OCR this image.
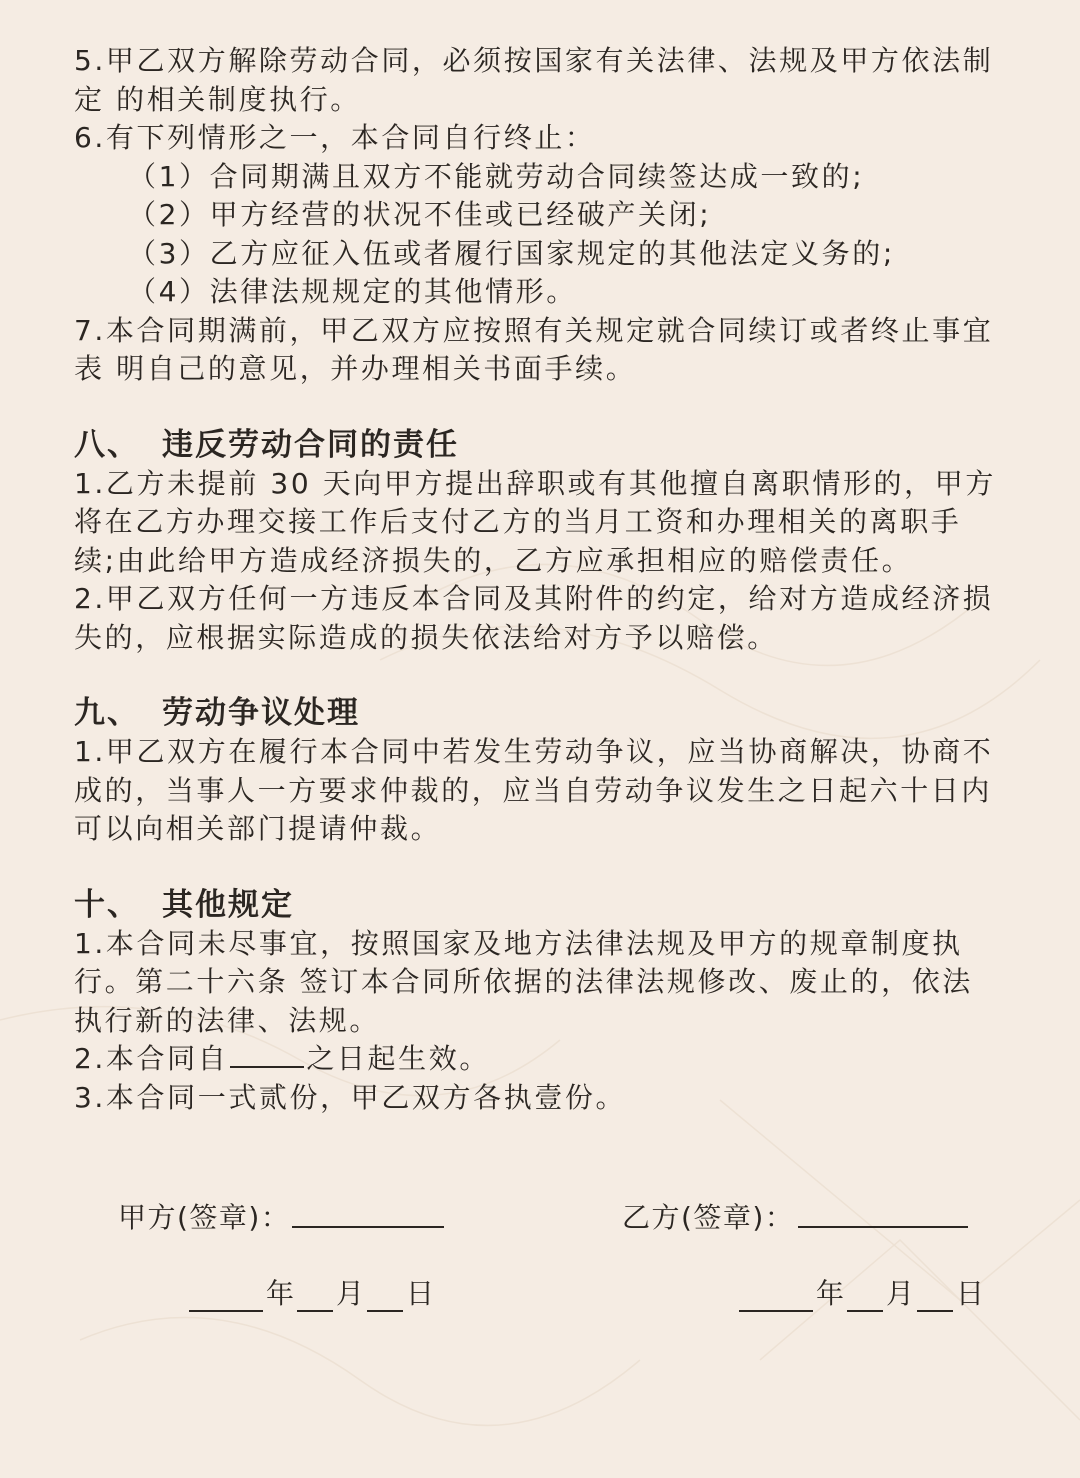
5.甲乙双方解除劳动合同，必须按国家有关法律、法规及甲方依法制

定 的相关制度执行。

6.有下列情形之一，本合同自行终止：

（1）合同期满且双方不能就劳动合同续签达成一致的;

（2）甲方经营的状况不佳或已经破产关闭;

（3）乙方应征入伍或者履行国家规定的其他法定义务的;

（4）法律法规规定的其他情形。

7.本合同期满前，甲乙双方应按照有关规定就合同续订或者终止事宜

表 明自己的意见，并办理相关书面手续。

八、 违反劳动合同的责任

1.乙方未提前 30 天向甲方提出辞职或有其他擅自离职情形的，甲方

将在乙方办理交接工作后支付乙方的当月工资和办理相关的离职手

续;由此给甲方造成经济损失的，乙方应承担相应的赔偿责任。

2.甲乙双方任何一方违反本合同及其附件的约定，给对方造成经济损

失的，应根据实际造成的损失依法给对方予以赔偿。

九、 劳动争议处理

1.甲乙双方在履行本合同中若发生劳动争议，应当协商解决，协商不

成的，当事人一方要求仲裁的，应当自劳动争议发生之日起六十日内

可以向相关部门提请仲裁。

十、 其他规定

1.本合同未尽事宜，按照国家及地方法律法规及甲方的规章制度执

行。第二十六条 签订本合同所依据的法律法规修改、废止的，依法

执行新的法律、法规。

2.本合同自	之日起生效。

3.本合同一式贰份，甲乙双方各执壹份。

甲方(签章)：	乙方(签章)：
年 月 日	年 月 日
